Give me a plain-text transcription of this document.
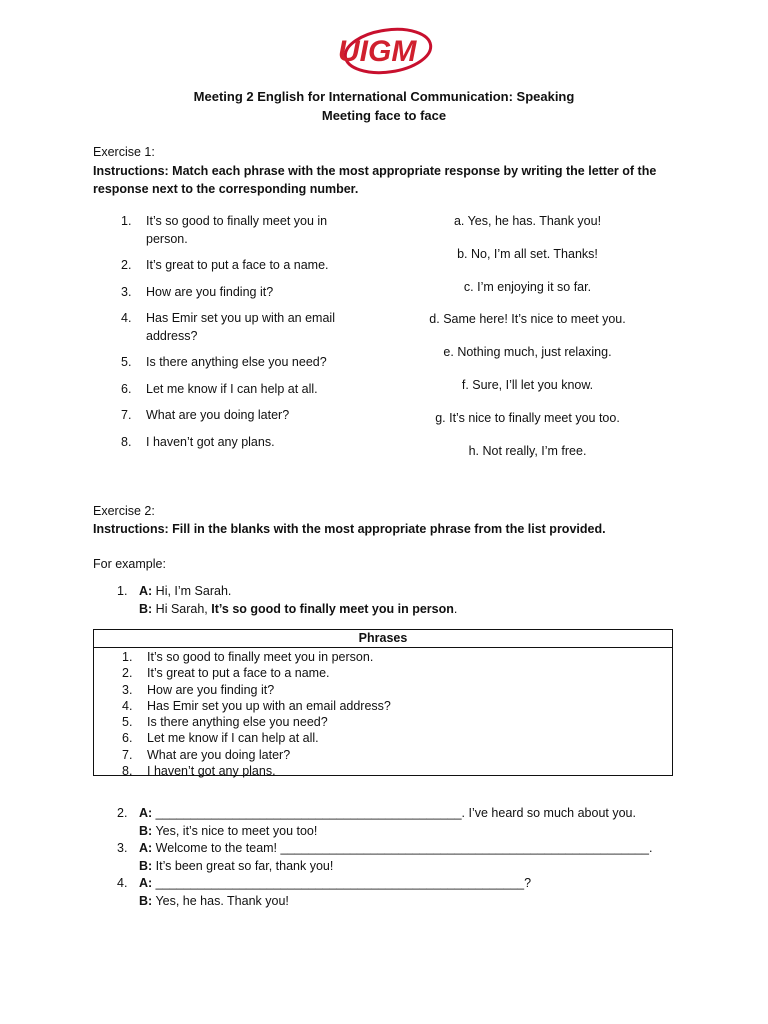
UIGM
Meeting 2 English for International Communication: Speaking
Meeting face to face
Exercise 1:
Instructions: Match each phrase with the most appropriate response by writing the letter of the response next to the corresponding number.
1.	It’s so good to finally meet you in person.
2.	It’s great to put a face to a name.
3.	How are you finding it?
4.	Has Emir set you up with an email address?
5.	Is there anything else you need?
6.	Let me know if I can help at all.
7.	What are you doing later?
8.	I haven’t got any plans.
a. Yes, he has. Thank you!
b. No, I’m all set. Thanks!
c. I’m enjoying it so far.
d. Same here! It’s nice to meet you.
e. Nothing much, just relaxing.
f. Sure, I’ll let you know.
g. It’s nice to finally meet you too.
h. Not really, I’m free.
Exercise 2:
Instructions: Fill in the blanks with the most appropriate phrase from the list provided.
For example:
1. A: Hi, I’m Sarah.
B: Hi Sarah, It’s so good to finally meet you in person .
Phrases
1.	It’s so good to finally meet you in person.
2.	It’s great to put a face to a name.
3.	How are you finding it?
4.	Has Emir set you up with an email address?
5.	Is there anything else you need?
6.	Let me know if I can help at all.
7.	What are you doing later?
8.	I haven’t got any plans.
2. A: ____________________________________________. I’ve heard so much about you.
B: Yes, it’s nice to meet you too!
3. A: Welcome to the team! _____________________________________________________.
B: It’s been great so far, thank you!
4. A: _____________________________________________________?
B: Yes, he has. Thank you!
